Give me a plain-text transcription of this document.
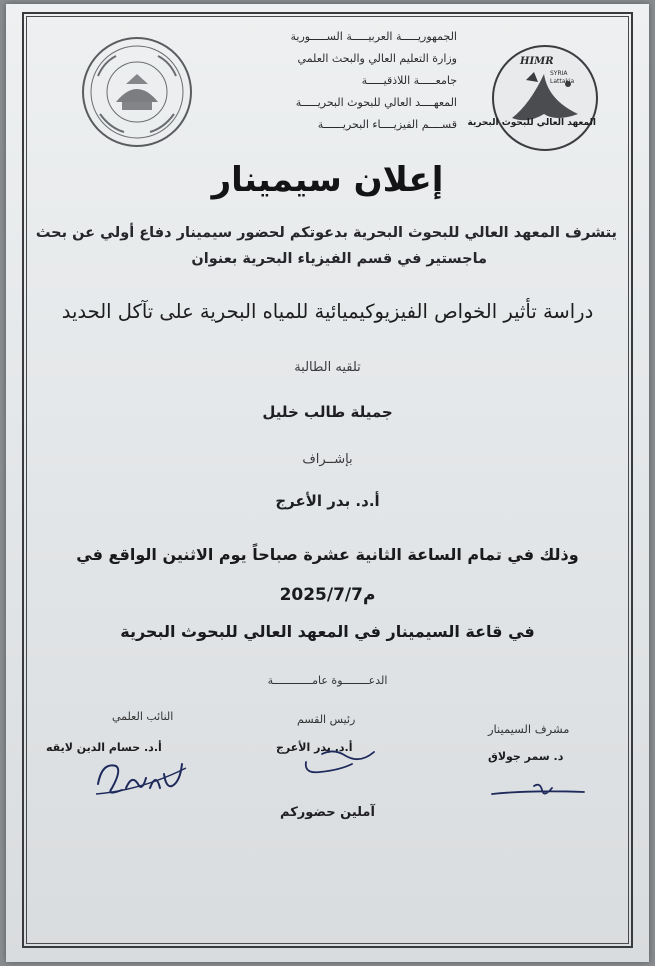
الجمهوريـــــة العربيـــــة الســـــورية
وزارة التعليم العالي والبحث العلمي
جامعـــــة اللاذقيـــــة
المعهــــد العالي للبحوث البحريـــــة
قســــم الفيزيــــاء البحريــــــة
HIMR
SYRIA Lattakia
المعهد العالي للبحوث البحرية
إعلان سيمينار
يتشرف المعهد العالي للبحوث البحرية بدعوتكم لحضور سيمينار دفاع أولي عن بحث
ماجستير في قسم الفيزياء البحرية بعنوان
دراسة تأثير الخواص الفيزيوكيميائية للمياه البحرية على تآكل الحديد
تلقيه الطالبة
جميلة طالب خليل
بإشــراف
أ.د. بدر الأعرج
وذلك في تمام الساعة الثانية عشرة صباحاً يوم الاثنين الواقع في
2025/7/7م
في قاعة السيمينار في المعهد العالي للبحوث البحرية
الدعــــــــوة عامــــــــــــة
النائب العلمي
أ.د. حسام الدين لايقه
رئيس القسم
أ.د. بدر الأعرج
مشرف السيمينار
د. سمر جولاق
آملين حضوركم
